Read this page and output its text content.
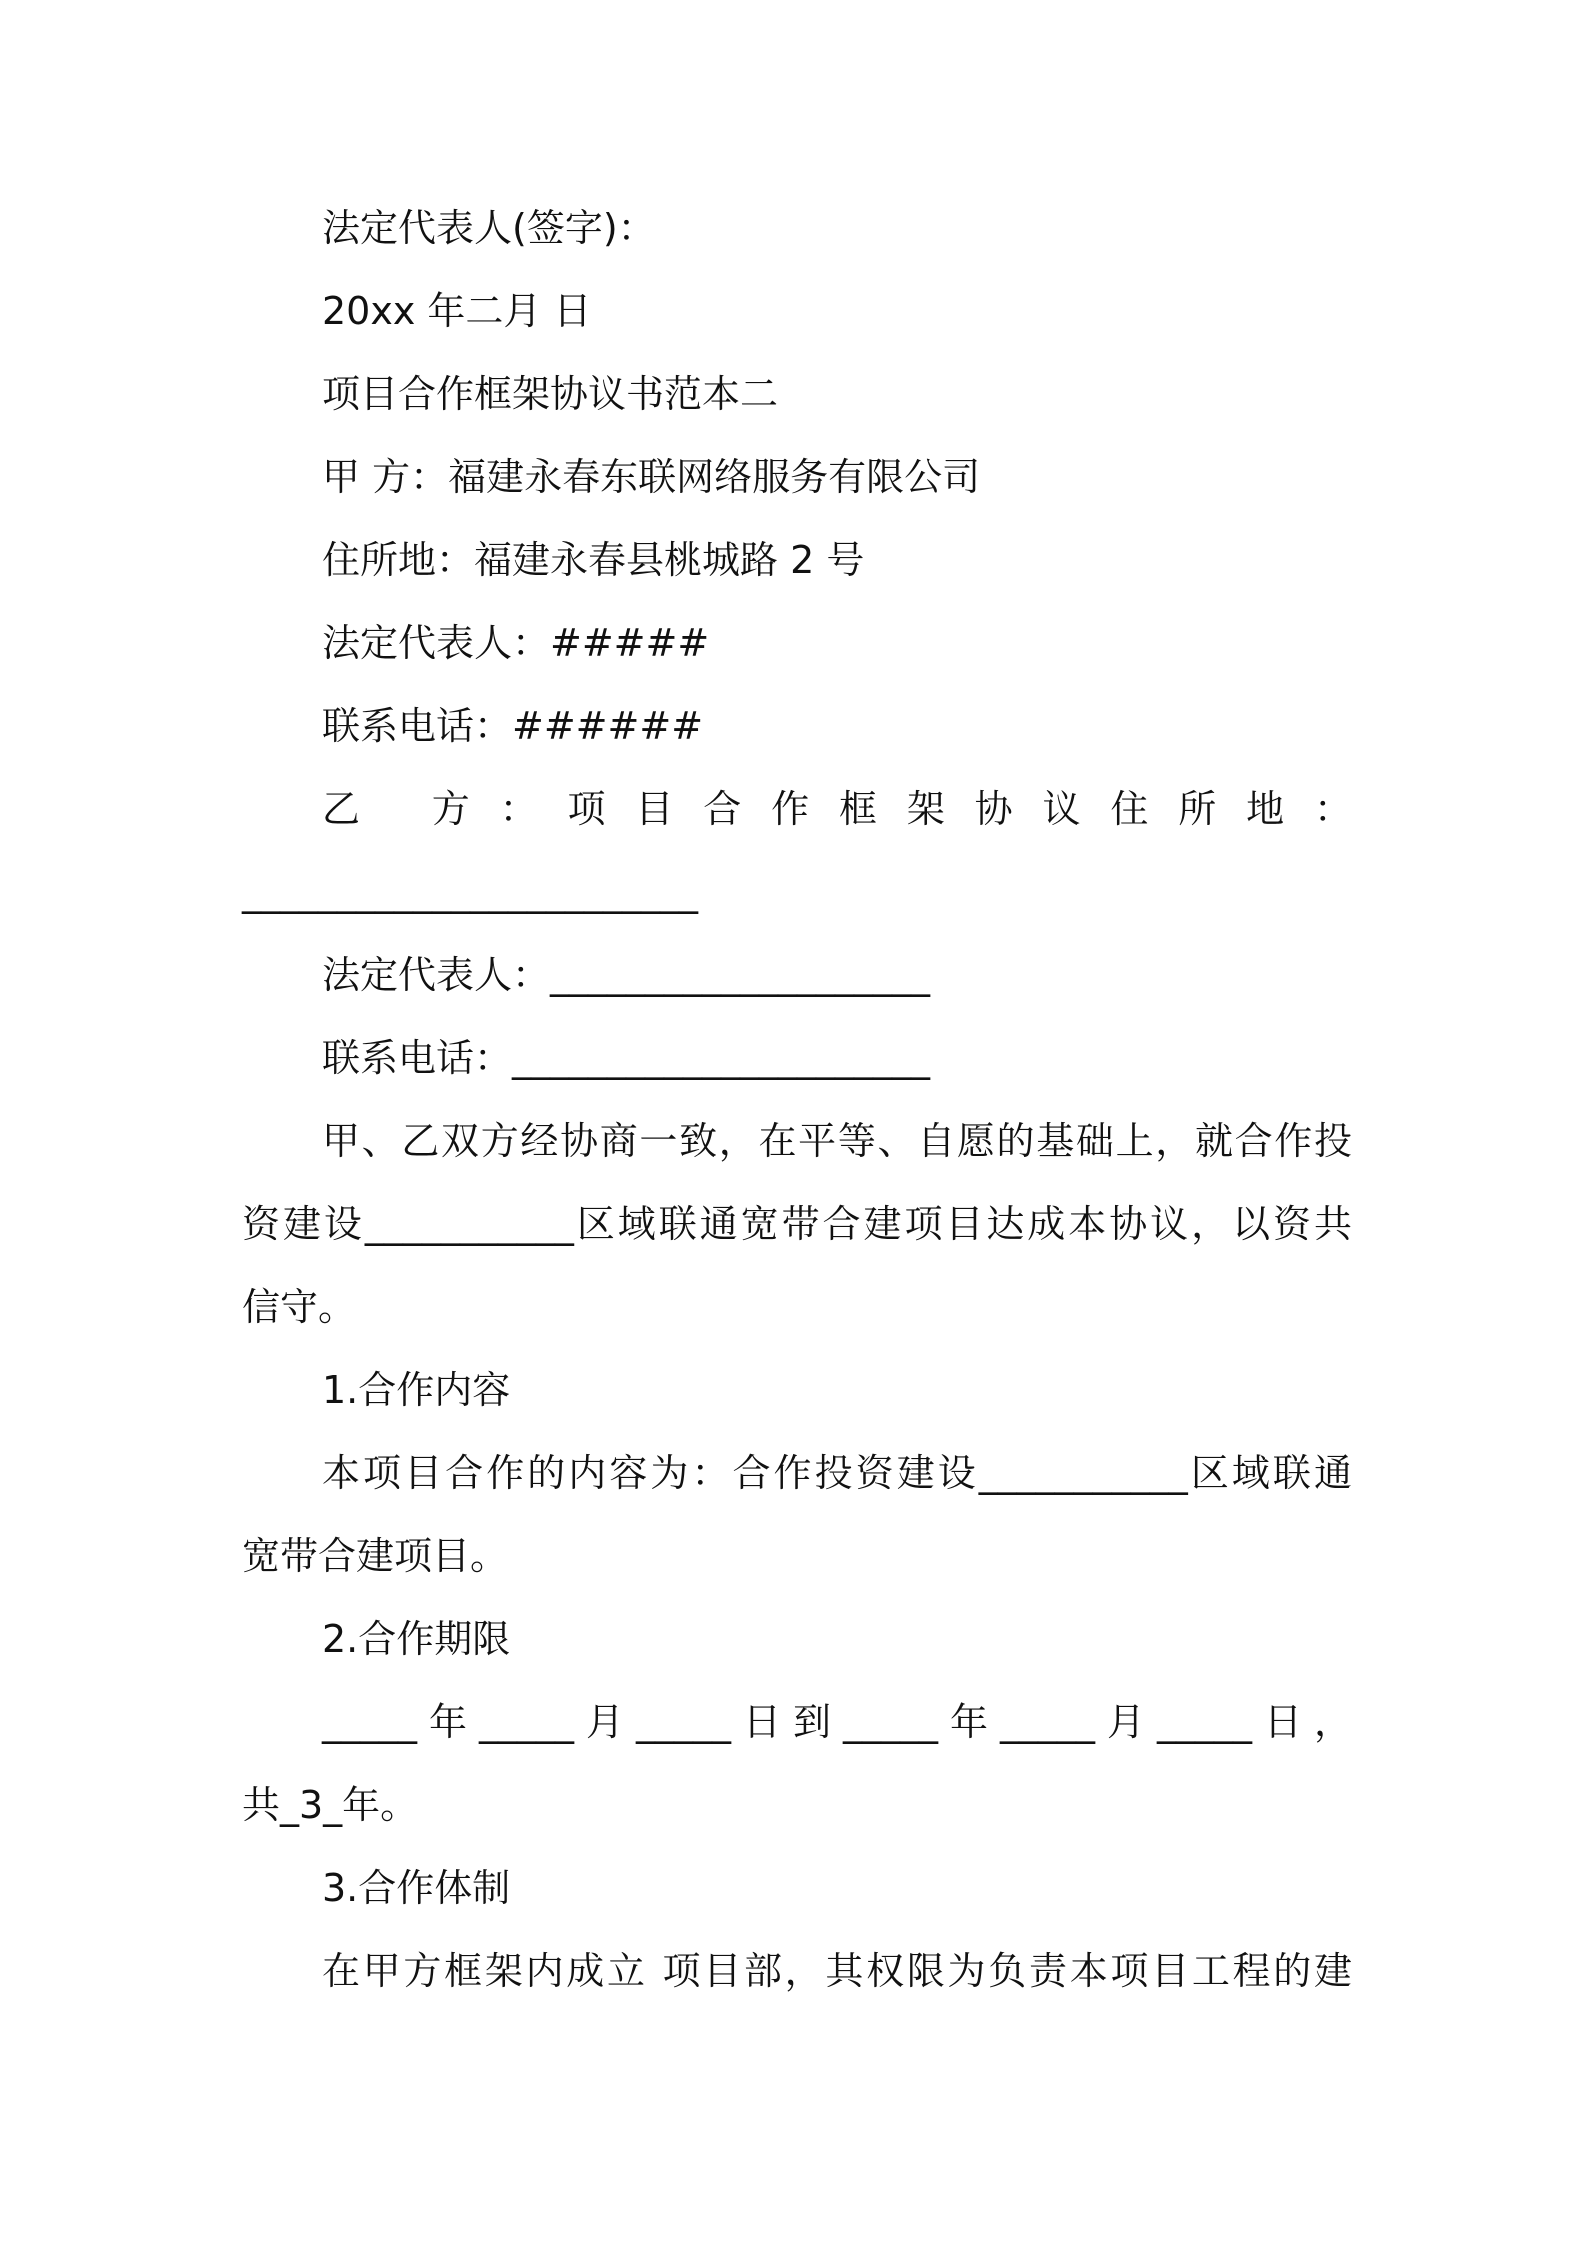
法定代表人(签字)：
20xx 年二月 日
项目合作框架协议书范本二
甲 方：福建永春东联网络服务有限公司
住所地：福建永春县桃城路 2 号
法定代表人：#####
联系电话：######
乙 方：项目合作框架协议住所地：
________________________
法定代表人：____________________
联系电话：______________________
甲、乙双方经协商一致，在平等、自愿的基础上，就合作投
资建设___________区域联通宽带合建项目达成本协议，以资共
信守。
1.合作内容
本项目合作的内容为：合作投资建设___________区域联通
宽带合建项目。
2.合作期限
_____年_____月_____日到_____年_____月_____日，
共_3_年。
3.合作体制
在甲方框架内成立 项目部，其权限为负责本项目工程的建
